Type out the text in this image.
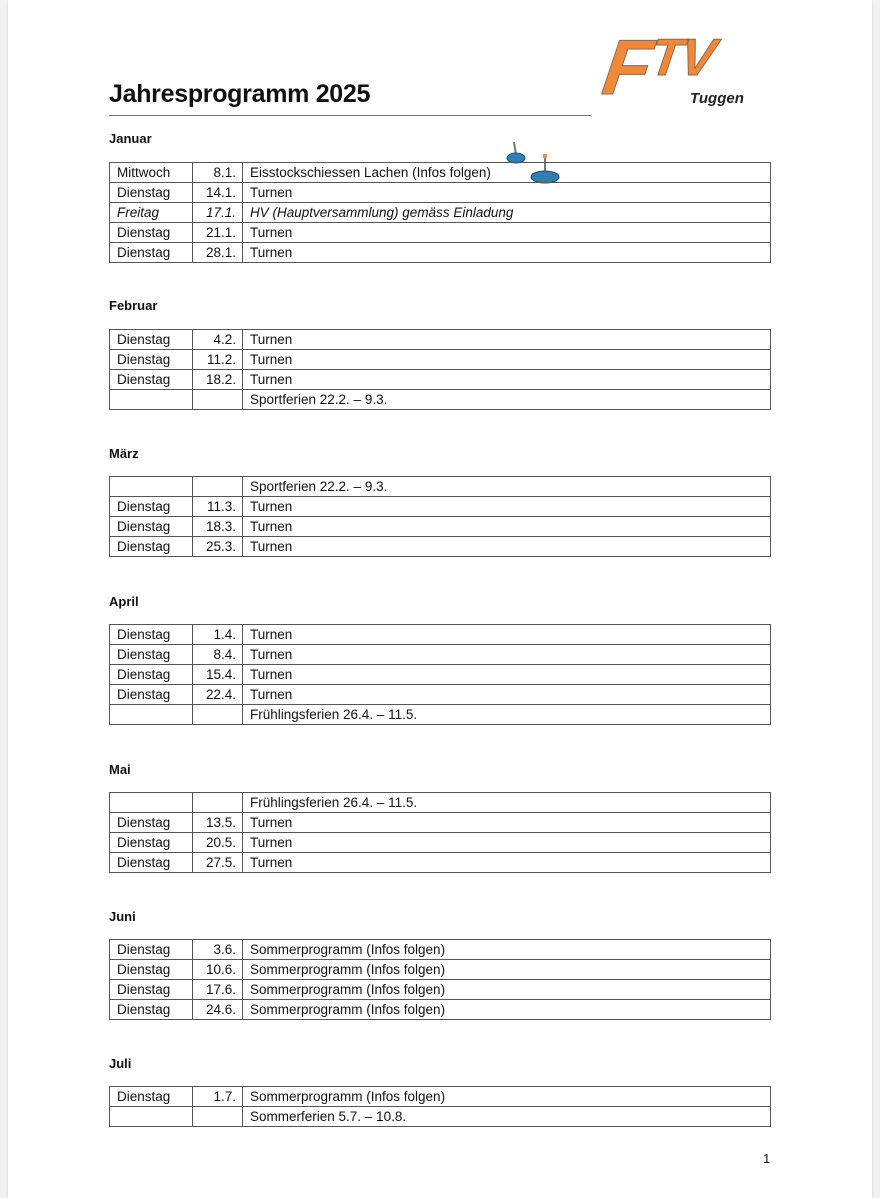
Jahresprogramm 2025	$F^{TV}$
Tuggen
Januar
Mittwoch	8.1.	Eisstockschiessen Lachen (Infos folgen)
Dienstag	14.1.	Turnen
Freitag	17.1.	HV (Hauptversammlung) gemäss Einladung
Dienstag	21.1.	Turnen
Dienstag	28.1.	Turnen
Februar
Dienstag	4.2.	Turnen
Dienstag	11.2.	Turnen
Dienstag	18.2.	Turnen
		Sportferien 22.2. – 9.3.
März
		Sportferien 22.2. – 9.3.
Dienstag	11.3.	Turnen
Dienstag	18.3.	Turnen
Dienstag	25.3.	Turnen
April
Dienstag	1.4.	Turnen
Dienstag	8.4.	Turnen
Dienstag	15.4.	Turnen
Dienstag	22.4.	Turnen
		Frühlingsferien 26.4. – 11.5.
Mai
		Frühlingsferien 26.4. – 11.5.
Dienstag	13.5.	Turnen
Dienstag	20.5.	Turnen
Dienstag	27.5.	Turnen
Juni
Dienstag	3.6.	Sommerprogramm (Infos folgen)
Dienstag	10.6.	Sommerprogramm (Infos folgen)
Dienstag	17.6.	Sommerprogramm (Infos folgen)
Dienstag	24.6.	Sommerprogramm (Infos folgen)
Juli
Dienstag	1.7.	Sommerprogramm (Infos folgen)
		Sommerferien 5.7. – 10.8.
1
